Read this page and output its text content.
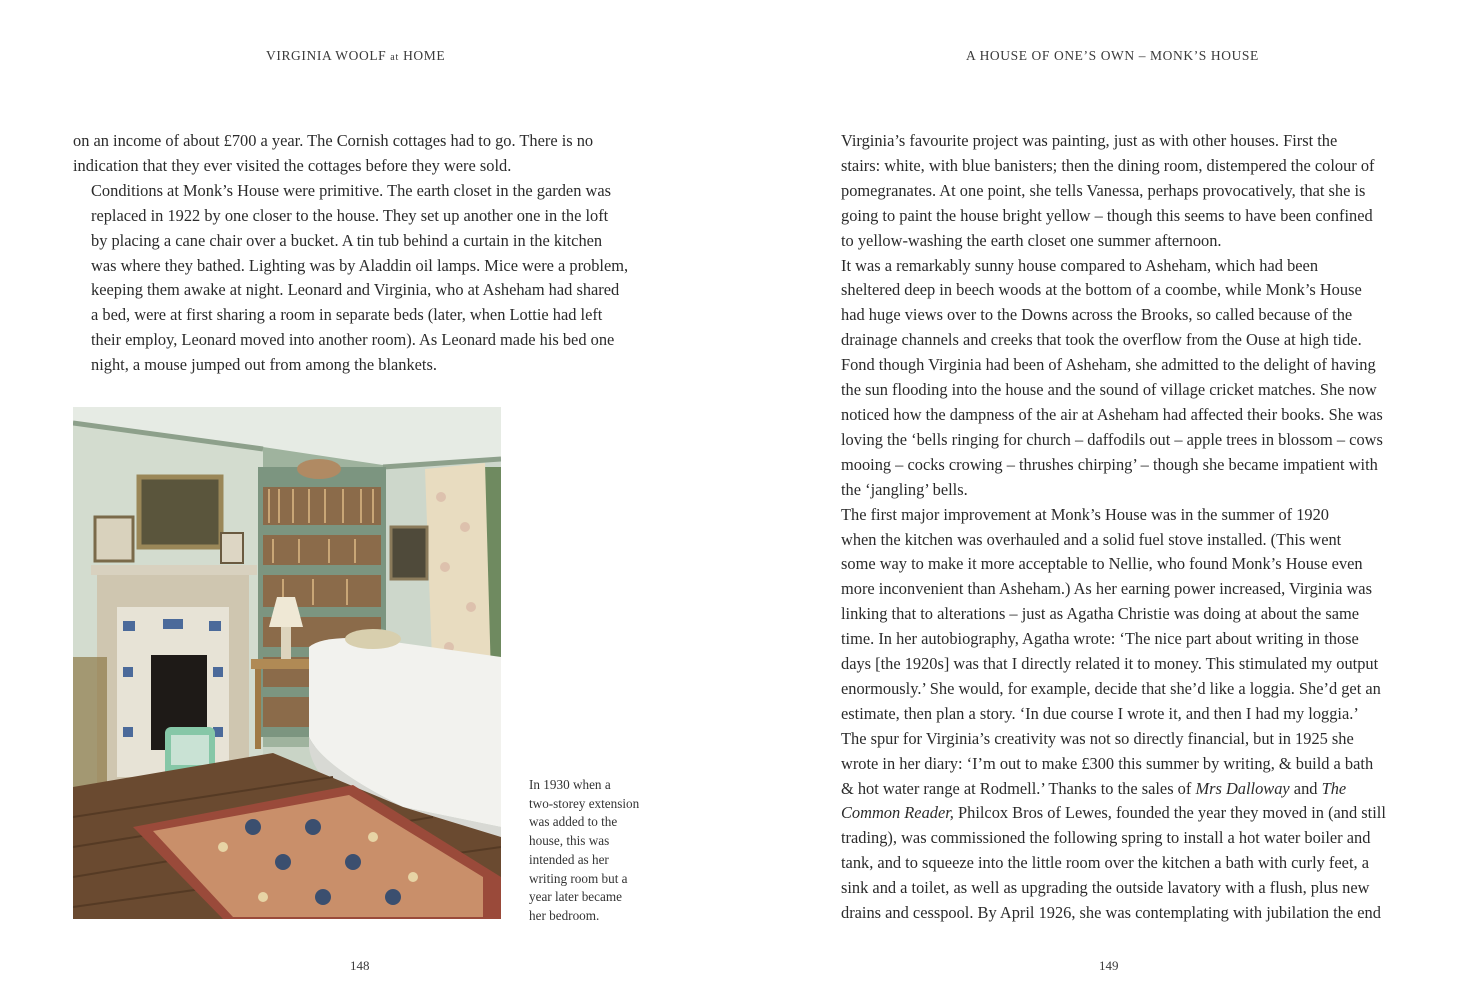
VIRGINIA WOOLF at HOME	A HOUSE OF ONE’S OWN – MONK’S HOUSE

on an income of about £700 a year. The Cornish cottages had to go. There is no
indication that they ever visited the cottages before they were sold.

Conditions at Monk’s House were primitive. The earth closet in the garden was
replaced in 1922 by one closer to the house. They set up another one in the loft
by placing a cane chair over a bucket. A tin tub behind a curtain in the kitchen
was where they bathed. Lighting was by Aladdin oil lamps. Mice were a problem,
keeping them awake at night. Leonard and Virginia, who at Asheham had shared
a bed, were at first sharing a room in separate beds (later, when Lottie had left
their employ, Leonard moved into another room). As Leonard made his bed one
night, a mouse jumped out from among the blankets.

In 1930 when a
two-storey extension
was added to the
house, this was
intended as her
writing room but a
year later became
her bedroom.

Virginia’s favourite project was painting, just as with other houses. First the
stairs: white, with blue banisters; then the dining room, distempered the colour of
pomegranates. At one point, she tells Vanessa, perhaps provocatively, that she is
going to paint the house bright yellow – though this seems to have been confined
to yellow-washing the earth closet one summer afternoon.

It was a remarkably sunny house compared to Asheham, which had been
sheltered deep in beech woods at the bottom of a coombe, while Monk’s House
had huge views over to the Downs across the Brooks, so called because of the
drainage channels and creeks that took the overflow from the Ouse at high tide.
Fond though Virginia had been of Asheham, she admitted to the delight of having
the sun flooding into the house and the sound of village cricket matches. She now
noticed how the dampness of the air at Asheham had affected their books. She was
loving the ‘bells ringing for church – daffodils out – apple trees in blossom – cows
mooing – cocks crowing – thrushes chirping’ – though she became impatient with
the ‘jangling’ bells.

The first major improvement at Monk’s House was in the summer of 1920
when the kitchen was overhauled and a solid fuel stove installed. (This went
some way to make it more acceptable to Nellie, who found Monk’s House even
more inconvenient than Asheham.) As her earning power increased, Virginia was
linking that to alterations – just as Agatha Christie was doing at about the same
time. In her autobiography, Agatha wrote: ‘The nice part about writing in those
days [the 1920s] was that I directly related it to money. This stimulated my output
enormously.’ She would, for example, decide that she’d like a loggia. She’d get an
estimate, then plan a story. ‘In due course I wrote it, and then I had my loggia.’

The spur for Virginia’s creativity was not so directly financial, but in 1925 she
wrote in her diary: ‘I’m out to make £300 this summer by writing, & build a bath
& hot water range at Rodmell.’ Thanks to the sales of Mrs Dalloway and The
Common Reader, Philcox Bros of Lewes, founded the year they moved in (and still
trading), was commissioned the following spring to install a hot water boiler and
tank, and to squeeze into the little room over the kitchen a bath with curly feet, a
sink and a toilet, as well as upgrading the outside lavatory with a flush, plus new
drains and cesspool. By April 1926, she was contemplating with jubilation the end

148	149
